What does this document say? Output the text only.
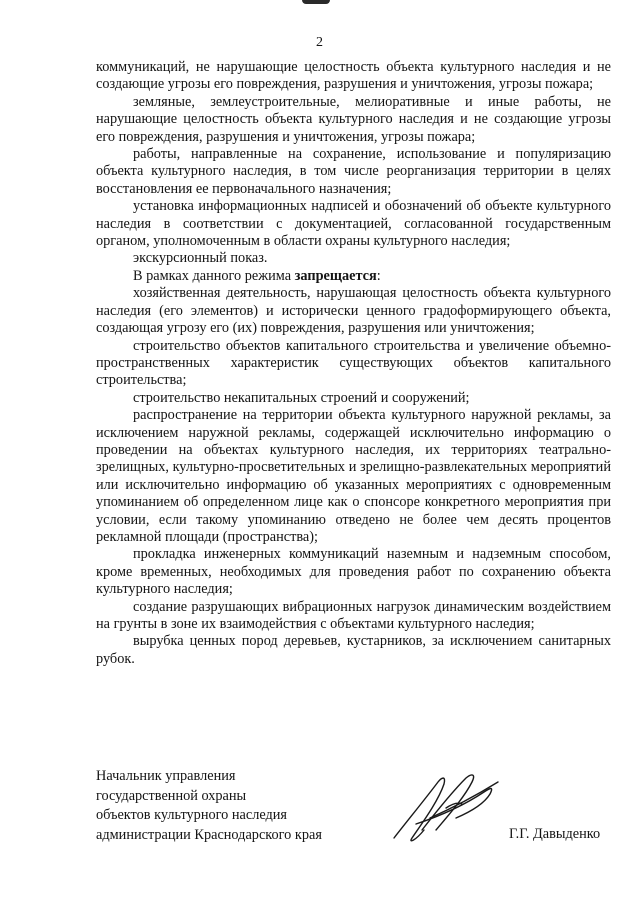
2

коммуникаций, не нарушающие целостность объекта культурного наследия и не создающие угрозы его повреждения, разрушения и уничтожения, угрозы пожара;

земляные, землеустроительные, мелиоративные и иные работы, не нарушающие целостность объекта культурного наследия и не создающие угрозы его повреждения, разрушения и уничтожения, угрозы пожара;

работы, направленные на сохранение, использование и популяризацию объекта культурного наследия, в том числе реорганизация территории в целях восстановления ее первоначального назначения;

установка информационных надписей и обозначений об объекте культурного наследия в соответствии с документацией, согласованной государственным органом, уполномоченным в области охраны культурного наследия;

экскурсионный показ.

В рамках данного режима запрещается:

хозяйственная деятельность, нарушающая целостность объекта культурного наследия (его элементов) и исторически ценного градоформирующего объекта, создающая угрозу его (их) повреждения, разрушения или уничтожения;

строительство объектов капитального строительства и увеличение объемно-пространственных характеристик существующих объектов капитального строительства;

строительство некапитальных строений и сооружений;

распространение на территории объекта культурного наружной рекламы, за исключением наружной рекламы, содержащей исключительно информацию о проведении на объектах культурного наследия, их территориях театрально-зрелищных, культурно-просветительных и зрелищно-развлекательных мероприятий или исключительно информацию об указанных мероприятиях с одновременным упоминанием об определенном лице как о спонсоре конкретного мероприятия при условии, если такому упоминанию отведено не более чем десять процентов рекламной площади (пространства);

прокладка инженерных коммуникаций наземным и надземным способом, кроме временных, необходимых для проведения работ по сохранению объекта культурного наследия;

создание разрушающих вибрационных нагрузок динамическим воздействием на грунты в зоне их взаимодействия с объектами культурного наследия;

вырубка ценных пород деревьев, кустарников, за исключением санитарных рубок.

Начальник управления
государственной охраны
объектов культурного наследия
администрации Краснодарского края	Г.Г. Давыденко
